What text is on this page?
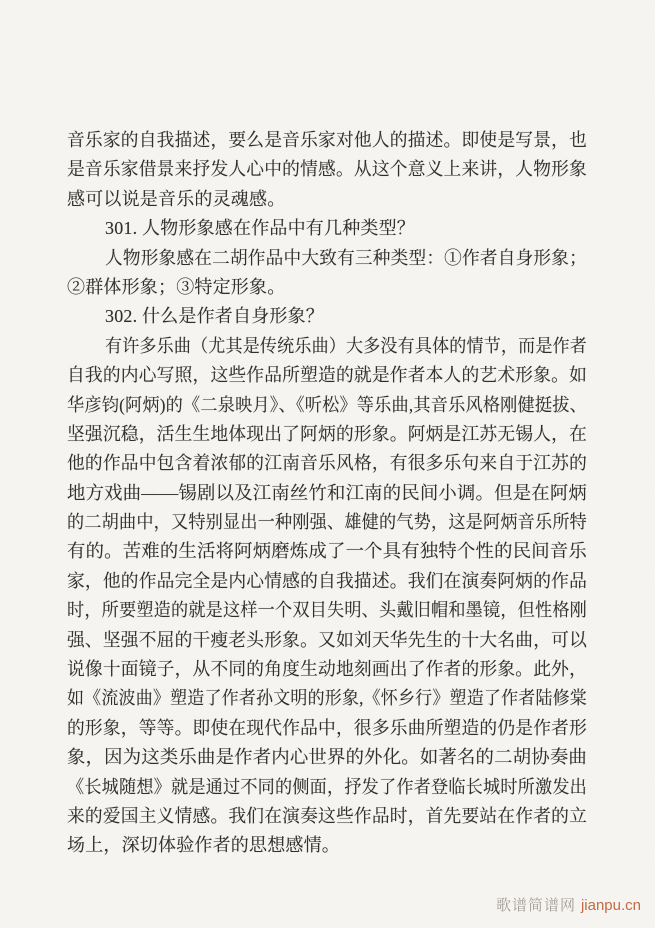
音乐家的自我描述，要么是音乐家对他人的描述。即使是写景，也
是音乐家借景来抒发人心中的情感。从这个意义上来讲，人物形象
感可以说是音乐的灵魂感。
301. 人物形象感在作品中有几种类型？
人物形象感在二胡作品中大致有三种类型：①作者自身形象；
②群体形象；③特定形象。
302. 什么是作者自身形象？
有许多乐曲（尤其是传统乐曲）大多没有具体的情节，而是作者
自我的内心写照，这些作品所塑造的就是作者本人的艺术形象。如
华彦钧(阿炳)的《二泉映月》、《听松》等乐曲,其音乐风格刚健挺拔、
坚强沉稳，活生生地体现出了阿炳的形象。阿炳是江苏无锡人，在
他的作品中包含着浓郁的江南音乐风格，有很多乐句来自于江苏的
地方戏曲——锡剧以及江南丝竹和江南的民间小调。但是在阿炳
的二胡曲中，又特别显出一种刚强、雄健的气势，这是阿炳音乐所特
有的。苦难的生活将阿炳磨炼成了一个具有独特个性的民间音乐
家，他的作品完全是内心情感的自我描述。我们在演奏阿炳的作品
时，所要塑造的就是这样一个双目失明、头戴旧帽和墨镜，但性格刚
强、坚强不屈的干瘦老头形象。又如刘天华先生的十大名曲，可以
说像十面镜子，从不同的角度生动地刻画出了作者的形象。此外，
如《流波曲》塑造了作者孙文明的形象,《怀乡行》塑造了作者陆修棠
的形象，等等。即使在现代作品中，很多乐曲所塑造的仍是作者形
象，因为这类乐曲是作者内心世界的外化。如著名的二胡协奏曲
《长城随想》就是通过不同的侧面，抒发了作者登临长城时所激发出
来的爱国主义情感。我们在演奏这些作品时，首先要站在作者的立
场上，深切体验作者的思想感情。
歌谱简谱网 jianpu.cn
